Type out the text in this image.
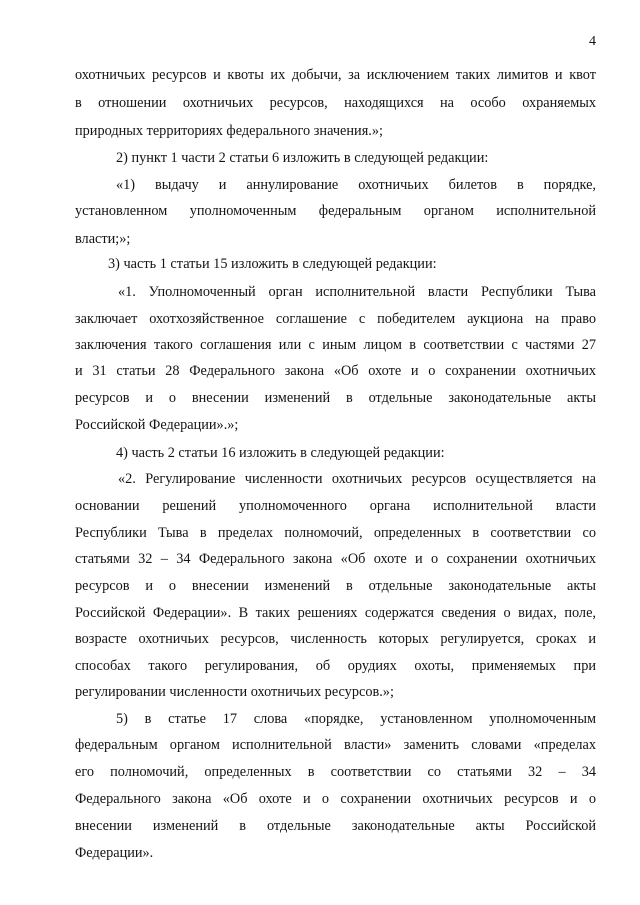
4
охотничьих ресурсов и квоты их добычи, за исключением таких лимитов и квот
в отношении охотничьих ресурсов, находящихся на особо охраняемых
природных территориях федерального значения.»;
2) пункт 1 части 2 статьи 6 изложить в следующей редакции:
«1) выдачу и аннулирование охотничьих билетов в порядке,
установленном уполномоченным федеральным органом исполнительной
власти;»;
3) часть 1 статьи 15 изложить в следующей редакции:
«1. Уполномоченный орган исполнительной власти Республики Тыва
заключает охотхозяйственное соглашение с победителем аукциона на право
заключения такого соглашения или с иным лицом в соответствии с частями 27
и 31 статьи 28 Федерального закона «Об охоте и о сохранении охотничьих
ресурсов и о внесении изменений в отдельные законодательные акты
Российской Федерации».»;
4) часть 2 статьи 16 изложить в следующей редакции:
«2. Регулирование численности охотничьих ресурсов осуществляется на
основании решений уполномоченного органа исполнительной власти
Республики Тыва в пределах полномочий, определенных в соответствии со
статьями 32 – 34 Федерального закона «Об охоте и о сохранении охотничьих
ресурсов и о внесении изменений в отдельные законодательные акты
Российской Федерации». В таких решениях содержатся сведения о видах, поле,
возрасте охотничьих ресурсов, численность которых регулируется, сроках и
способах такого регулирования, об орудиях охоты, применяемых при
регулировании численности охотничьих ресурсов.»;
5) в статье 17 слова «порядке, установленном уполномоченным
федеральным органом исполнительной власти» заменить словами «пределах
его полномочий, определенных в соответствии со статьями 32 – 34
Федерального закона «Об охоте и о сохранении охотничьих ресурсов и о
внесении изменений в отдельные законодательные акты Российской
Федерации».
